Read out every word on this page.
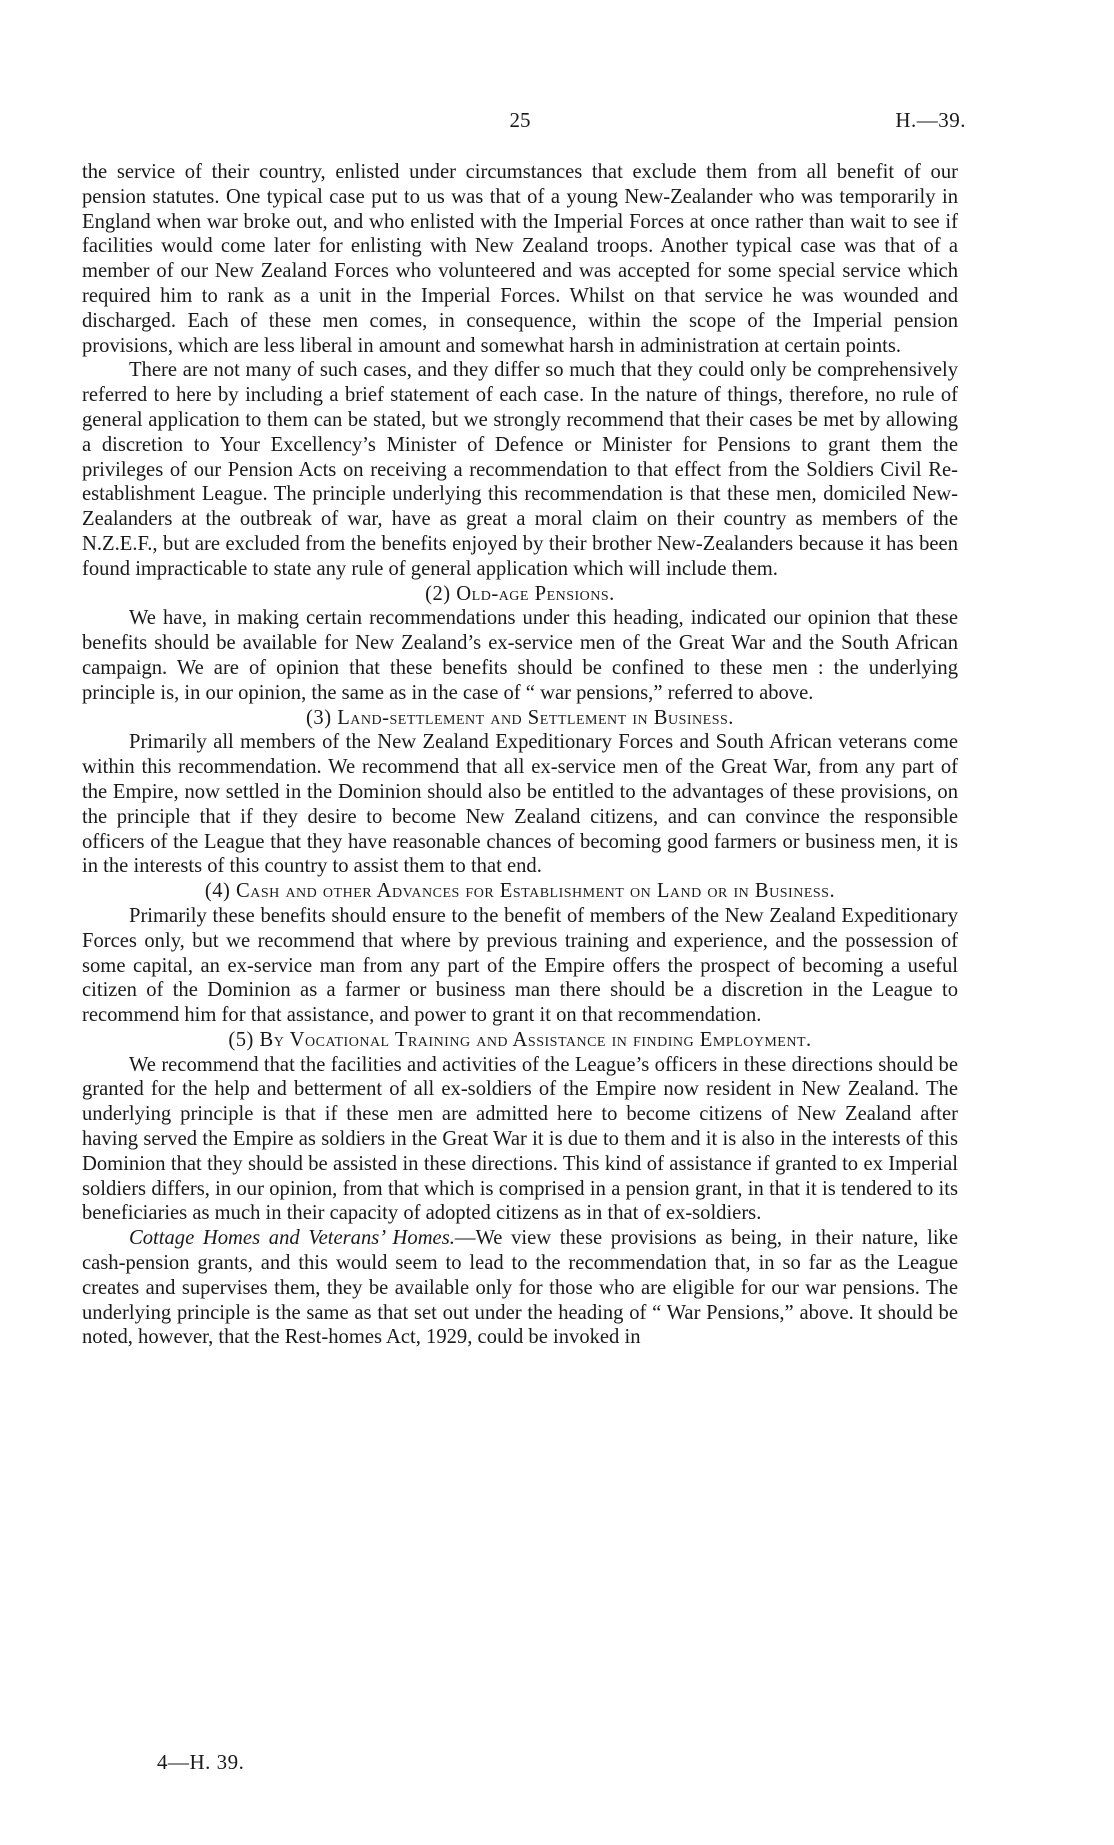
25	H.—39.

the service of their country, enlisted under circumstances that exclude them from all benefit of our pension statutes. One typical case put to us was that of a young New-Zealander who was temporarily in England when war broke out, and who enlisted with the Imperial Forces at once rather than wait to see if facilities would come later for enlisting with New Zealand troops. Another typical case was that of a member of our New Zealand Forces who volunteered and was accepted for some special service which required him to rank as a unit in the Imperial Forces. Whilst on that service he was wounded and discharged. Each of these men comes, in consequence, within the scope of the Imperial pension provisions, which are less liberal in amount and somewhat harsh in administration at certain points.

There are not many of such cases, and they differ so much that they could only be comprehensively referred to here by including a brief statement of each case. In the nature of things, therefore, no rule of general application to them can be stated, but we strongly recommend that their cases be met by allowing a discretion to Your Excellency’s Minister of Defence or Minister for Pensions to grant them the privileges of our Pension Acts on receiving a recommendation to that effect from the Soldiers Civil Re-establishment League. The principle underlying this recommendation is that these men, domiciled New-Zealanders at the outbreak of war, have as great a moral claim on their country as members of the N.Z.E.F., but are excluded from the benefits enjoyed by their brother New-Zealanders because it has been found impracticable to state any rule of general application which will include them.

(2) Old-age Pensions.

We have, in making certain recommendations under this heading, indicated our opinion that these benefits should be available for New Zealand’s ex-service men of the Great War and the South African campaign. We are of opinion that these benefits should be confined to these men : the underlying principle is, in our opinion, the same as in the case of “ war pensions,” referred to above.

(3) Land-settlement and Settlement in Business.

Primarily all members of the New Zealand Expeditionary Forces and South African veterans come within this recommendation. We recommend that all ex-service men of the Great War, from any part of the Empire, now settled in the Dominion should also be entitled to the advantages of these provisions, on the principle that if they desire to become New Zealand citizens, and can convince the responsible officers of the League that they have reasonable chances of becoming good farmers or business men, it is in the interests of this country to assist them to that end.

(4) Cash and other Advances for Establishment on Land or in Business.

Primarily these benefits should ensure to the benefit of members of the New Zealand Expeditionary Forces only, but we recommend that where by previous training and experience, and the possession of some capital, an ex-service man from any part of the Empire offers the prospect of becoming a useful citizen of the Dominion as a farmer or business man there should be a discretion in the League to recommend him for that assistance, and power to grant it on that recommendation.

(5) By Vocational Training and Assistance in finding Employment.

We recommend that the facilities and activities of the League’s officers in these directions should be granted for the help and betterment of all ex-soldiers of the Empire now resident in New Zealand. The underlying principle is that if these men are admitted here to become citizens of New Zealand after having served the Empire as soldiers in the Great War it is due to them and it is also in the interests of this Dominion that they should be assisted in these directions. This kind of assistance if granted to ex Imperial soldiers differs, in our opinion, from that which is comprised in a pension grant, in that it is tendered to its beneficiaries as much in their capacity of adopted citizens as in that of ex-soldiers.

Cottage Homes and Veterans’ Homes.—We view these provisions as being, in their nature, like cash-pension grants, and this would seem to lead to the recommendation that, in so far as the League creates and supervises them, they be available only for those who are eligible for our war pensions. The underlying principle is the same as that set out under the heading of “ War Pensions,” above. It should be noted, however, that the Rest-homes Act, 1929, could be invoked in

4—H. 39.
